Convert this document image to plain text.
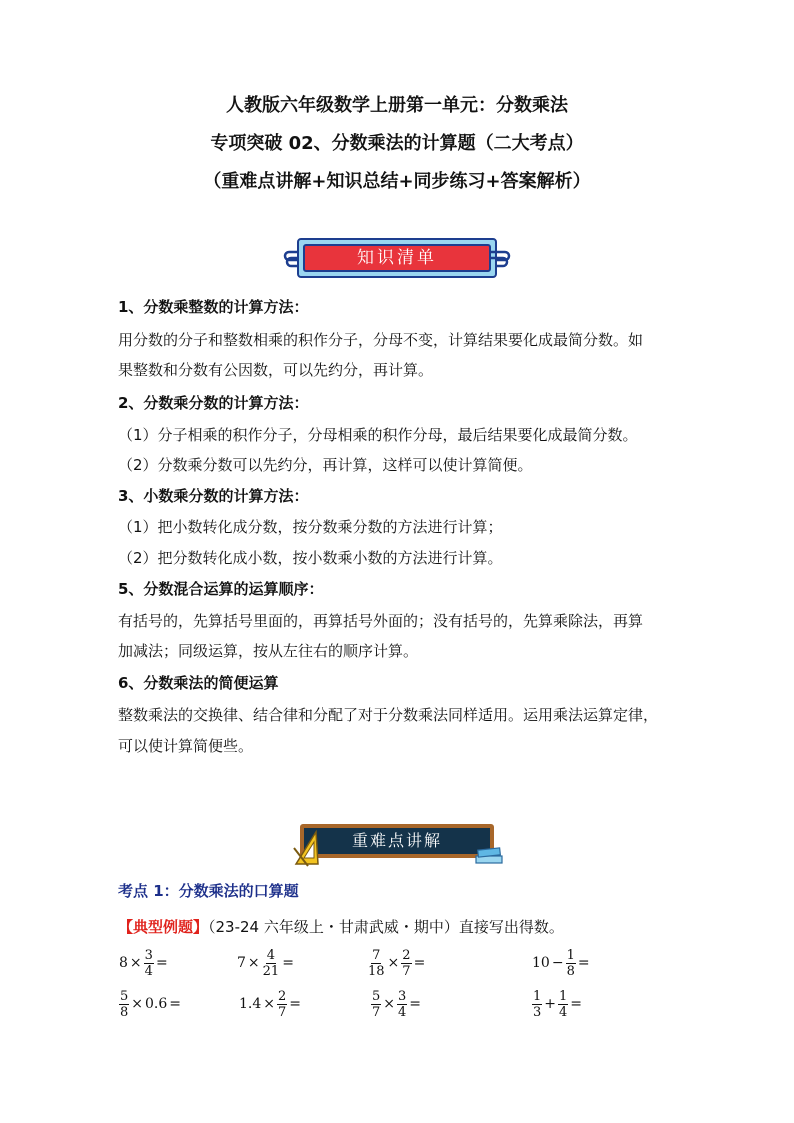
人教版六年级数学上册第一单元：分数乘法
专项突破 02、分数乘法的计算题（二大考点）
（重难点讲解+知识总结+同步练习+答案解析）
知识清单
1、分数乘整数的计算方法：
用分数的分子和整数相乘的积作分子，分母不变，计算结果要化成最简分数。如
果整数和分数有公因数，可以先约分，再计算。
2、分数乘分数的计算方法：
（1）分子相乘的积作分子，分母相乘的积作分母，最后结果要化成最简分数。
（2）分数乘分数可以先约分，再计算，这样可以使计算简便。
3、小数乘分数的计算方法：
（1）把小数转化成分数，按分数乘分数的方法进行计算；
（2）把分数转化成小数，按小数乘小数的方法进行计算。
5、分数混合运算的运算顺序：
有括号的，先算括号里面的，再算括号外面的；没有括号的，先算乘除法，再算
加减法；同级运算，按从左往右的顺序计算。
6、分数乘法的简便运算
整数乘法的交换律、结合律和分配了对于分数乘法同样适用。运用乘法运算定律，
可以使计算简便些。
重难点讲解
考点 1：分数乘法的口算题
【典型例题】（23-24 六年级上・甘肃武威・期中）直接写出得数。
$8 \times \frac{3}{4}$ =	$7 \times \frac{4}{21}$ =	$\frac{7}{18} \times \frac{2}{7}$ =	$10 - \frac{1}{8}$ =
$\frac{5}{8} \times 0.6$ =	$1.4 \times \frac{2}{7}$ =	$\frac{5}{7} \times \frac{3}{4}$ =	$\frac{1}{3} + \frac{1}{4}$ =
